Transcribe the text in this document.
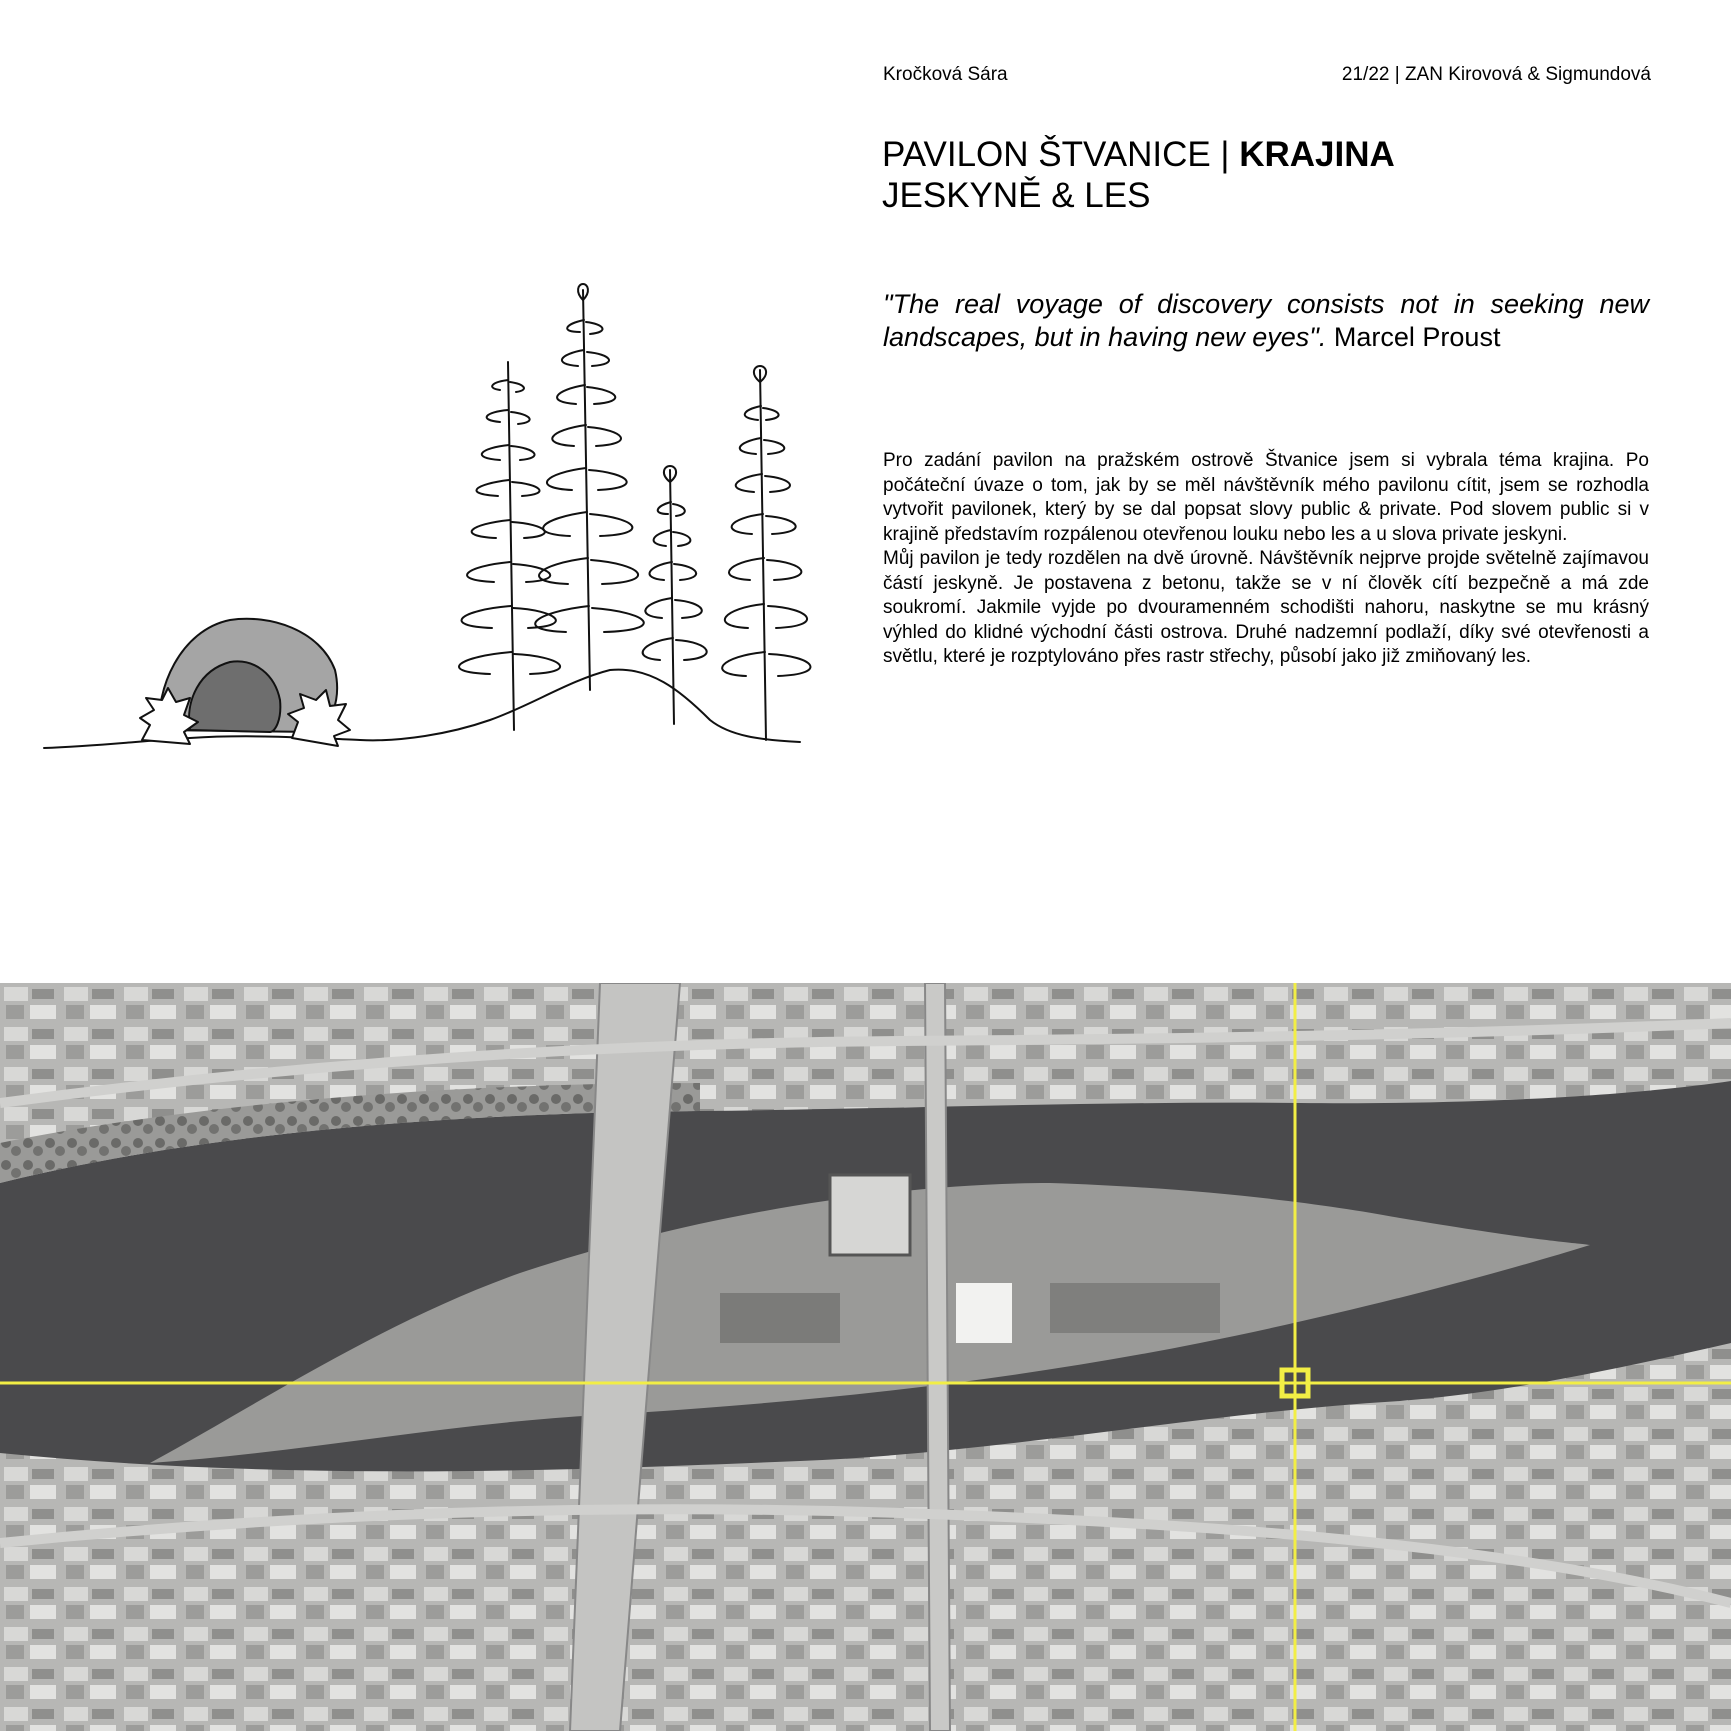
Kročková Sára	21/22 | ZAN Kirovová & Sigmundová
PAVILON ŠTVANICE | KRAJINA
JESKYNĚ & LES
"The real voyage of discovery consists not in seeking new landscapes, but in having new eyes". Marcel Proust

Pro zadání pavilon na pražském ostrově Štvanice jsem si vybrala téma krajina. Po počáteční úvaze o tom, jak by se měl návštěvník mého pavilonu cítit, jsem se rozhodla vytvořit pavilonek, který by se dal popsat slovy public & private. Pod slovem public si v krajině představím rozpálenou otevřenou louku nebo les a u slova private jeskyni.

Můj pavilon je tedy rozdělen na dvě úrovně. Návštěvník nejprve projde světelně zajímavou částí jeskyně. Je postavena z betonu, takže se v ní člověk cítí bezpečně a má zde soukromí. Jakmile vyjde po dvouramenném schodišti nahoru, naskytne se mu krásný výhled do klidné východní části ostrova. Druhé nadzemní podlaží, díky své otevřenosti a světlu, které je rozptylováno přes rastr střechy, působí jako již zmiňovaný les.
